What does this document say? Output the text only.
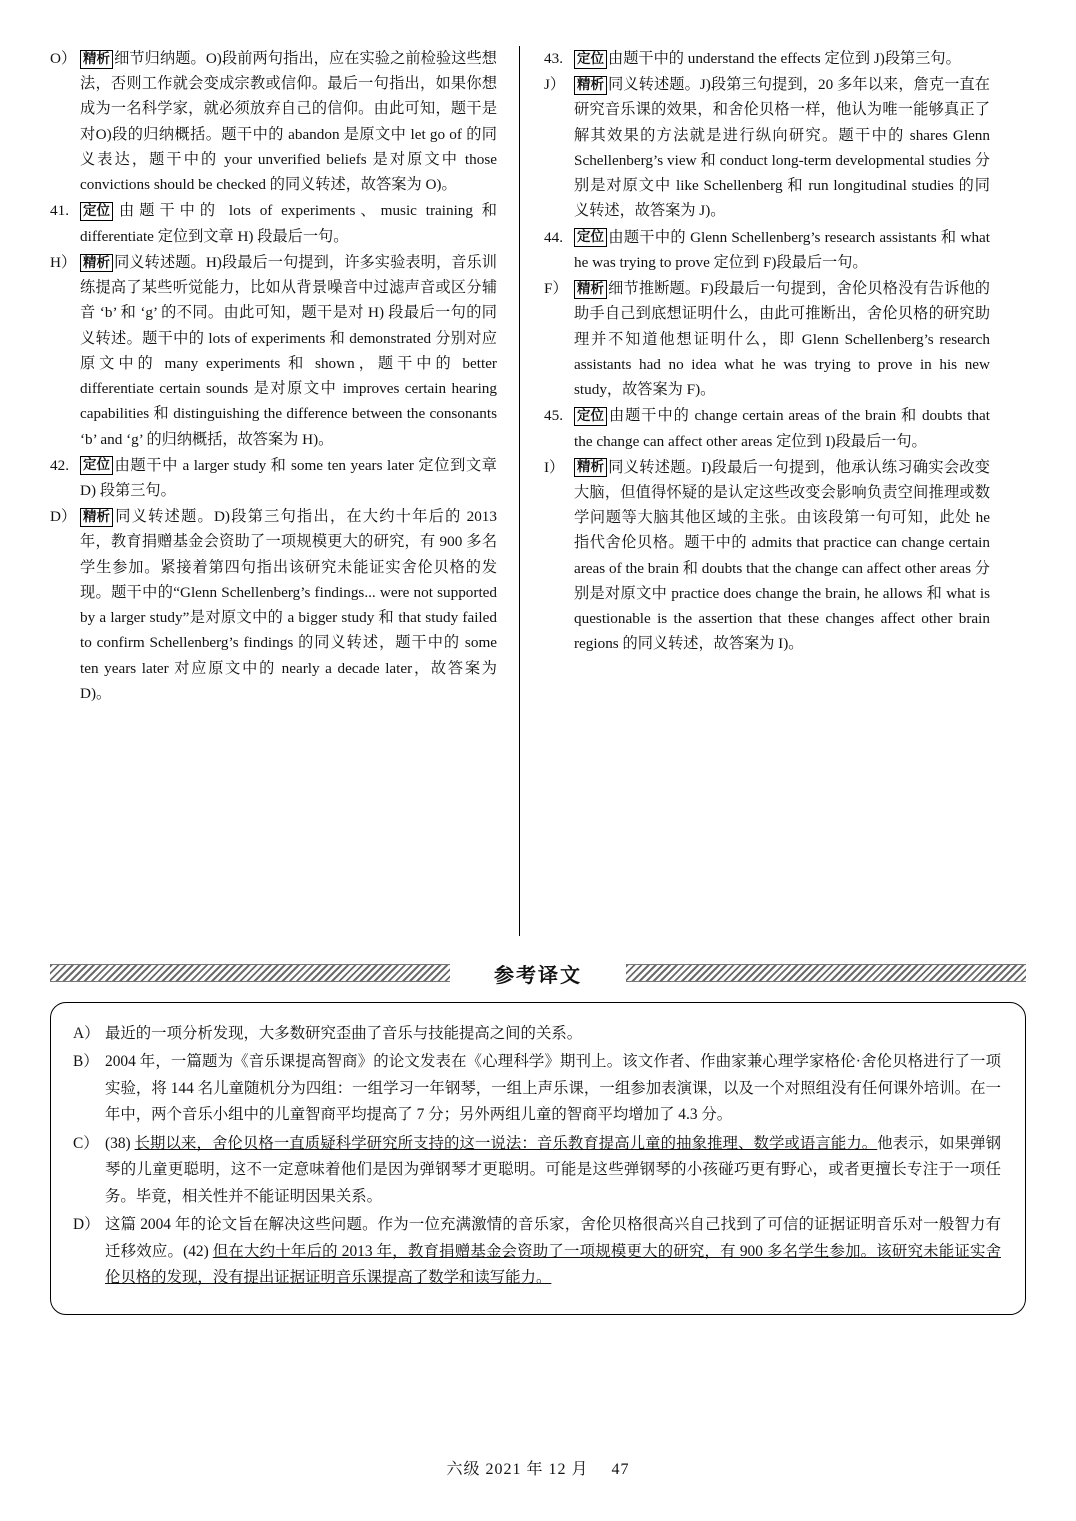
O） 精析 细节归纳题。O)段前两句指出，应在实验之前检验这些想法，否则工作就会变成宗教或信仰。最后一句指出，如果你想成为一名科学家，就必须放弃自己的信仰。由此可知，题干是对O)段的归纳概括。题干中的 abandon 是原文中 let go of 的同义表达，题干中的 your unverified beliefs 是对原文中 those convictions should be checked 的同义转述，故答案为 O)。
41.	定位 由题干中的 lots of experiments、music training 和 differentiate 定位到文章 H) 段最后一句。
H） 精析 同义转述题。H)段最后一句提到，许多实验表明，音乐训练提高了某些听觉能力，比如从背景噪音中过滤声音或区分辅音 ‘b’ 和 ‘g’ 的不同。由此可知，题干是对 H) 段最后一句的同义转述。题干中的 lots of experiments 和 demonstrated 分别对应原文中的 many experiments 和 shown，题干中的 better differentiate certain sounds 是对原文中 improves certain hearing capabilities 和 distinguishing the difference between the consonants ‘b’ and ‘g’ 的归纳概括，故答案为 H)。
42.	定位 由题干中 a larger study 和 some ten years later 定位到文章 D) 段第三句。
D） 精析 同义转述题。D)段第三句指出，在大约十年后的 2013 年，教育捐赠基金会资助了一项规模更大的研究，有 900 多名学生参加。紧接着第四句指出该研究未能证实舍伦贝格的发现。题干中的“Glenn Schellenberg’s findings... were not supported by a larger study”是对原文中的 a bigger study 和 that study failed to confirm Schellenberg’s findings 的同义转述，题干中的 some ten years later 对应原文中的 nearly a decade later，故答案为 D)。
43.	定位 由题干中的 understand the effects 定位到 J)段第三句。
J） 精析 同义转述题。J)段第三句提到，20 多年以来，詹克一直在研究音乐课的效果，和舍伦贝格一样，他认为唯一能够真正了解其效果的方法就是进行纵向研究。题干中的 shares Glenn Schellenberg’s view 和 conduct long-term developmental studies 分别是对原文中 like Schellenberg 和 run longitudinal studies 的同义转述，故答案为 J)。
44.	定位 由题干中的 Glenn Schellenberg’s research assistants 和 what he was trying to prove 定位到 F)段最后一句。
F） 精析 细节推断题。F)段最后一句提到，舍伦贝格没有告诉他的助手自己到底想证明什么，由此可推断出，舍伦贝格的研究助理并不知道他想证明什么，即 Glenn Schellenberg’s research assistants had no idea what he was trying to prove in his new study，故答案为 F)。
45.	定位 由题干中的 change certain areas of the brain 和 doubts that the change can affect other areas 定位到 I)段最后一句。
I） 精析 同义转述题。I)段最后一句提到，他承认练习确实会改变大脑，但值得怀疑的是认定这些改变会影响负责空间推理或数学问题等大脑其他区域的主张。由该段第一句可知，此处 he 指代舍伦贝格。题干中的 admits that practice can change certain areas of the brain 和 doubts that the change can affect other areas 分别是对原文中 practice does change the brain, he allows 和 what is questionable is the assertion that these changes affect other brain regions 的同义转述，故答案为 I)。
参考译文
A） 最近的一项分析发现，大多数研究歪曲了音乐与技能提高之间的关系。
B） 2004 年，一篇题为《音乐课提高智商》的论文发表在《心理科学》期刊上。该文作者、作曲家兼心理学家格伦·舍伦贝格进行了一项实验，将 144 名儿童随机分为四组：一组学习一年钢琴，一组上声乐课，一组参加表演课，以及一个对照组没有任何课外培训。在一年中，两个音乐小组中的儿童智商平均提高了 7 分；另外两组儿童的智商平均增加了 4.3 分。
C） (38) 长期以来，舍伦贝格一直质疑科学研究所支持的这一说法：音乐教育提高儿童的抽象推理、数学或语言能力。他表示，如果弹钢琴的儿童更聪明，这不一定意味着他们是因为弹钢琴才更聪明。可能是这些弹钢琴的小孩碰巧更有野心，或者更擅长专注于一项任务。毕竟，相关性并不能证明因果关系。
D） 这篇 2004 年的论文旨在解决这些问题。作为一位充满激情的音乐家，舍伦贝格很高兴自己找到了可信的证据证明音乐对一般智力有迁移效应。(42) 但在大约十年后的 2013 年，教育捐赠基金会资助了一项规模更大的研究，有 900 多名学生参加。该研究未能证实舍伦贝格的发现，没有提出证据证明音乐课提高了数学和读写能力。
六级 2021 年 12 月 47
